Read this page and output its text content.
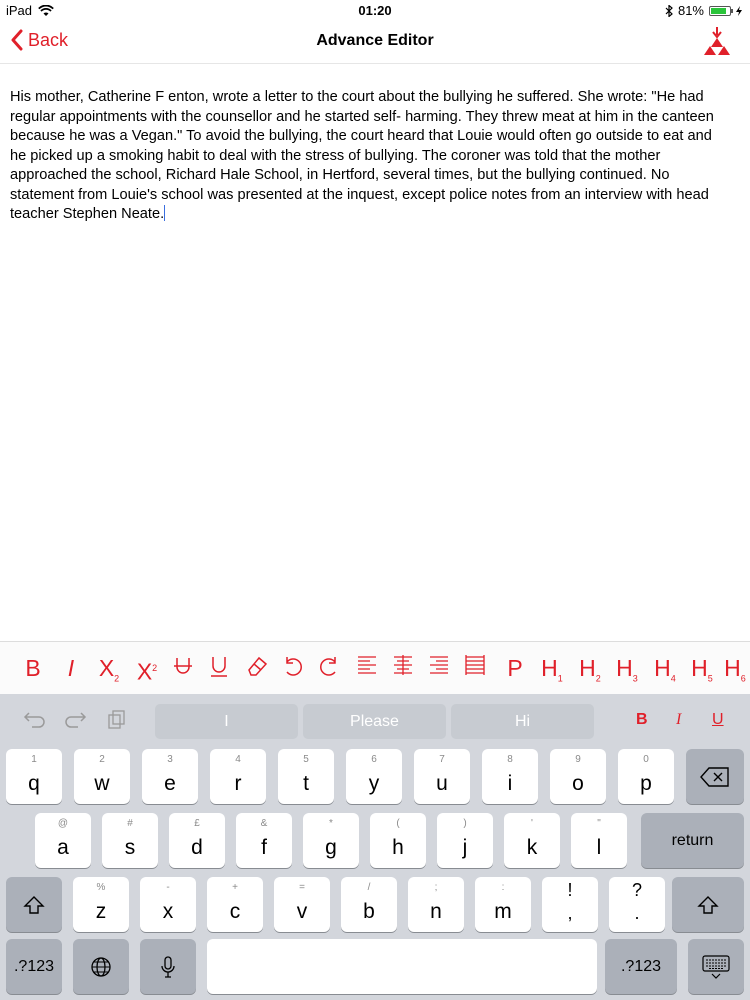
iPad	01:20	81%
Back	Advance Editor
His mother, Catherine F enton, wrote a letter to the court about the bullying he suffered. She wrote: "He had regular appointments with the counsellor and he started self- harming. They threw meat at him in the canteen because he was a Vegan." To avoid the bullying, the court heard that Louie would often go outside to eat and he picked up a smoking habit to deal with the stress of bullying. The coroner was told that the mother approached the school, Richard Hale School, in Hertford, several times, but the bullying continued. No statement from Louie's school was presented at the inquest, except police notes from an interview with head teacher Stephen Neate.
B	I	$X_2$ $X^2$	P $H_1$ $H_2$ $H_3$ $H_4$ $H_5$ $H_6$
I	Please	Hi	B I U
1
q
2
w
3
e
4
r
5
t
6
y
7
u
8
i
9
o
0
p
@
a
#
s
£
d
&
f
*
g
(
h
)
j
'
k
"
l	return
%
z
-
x
+
c
=
v
/
b
;
n
:
m
!
,
?
.
.?123	.?123
